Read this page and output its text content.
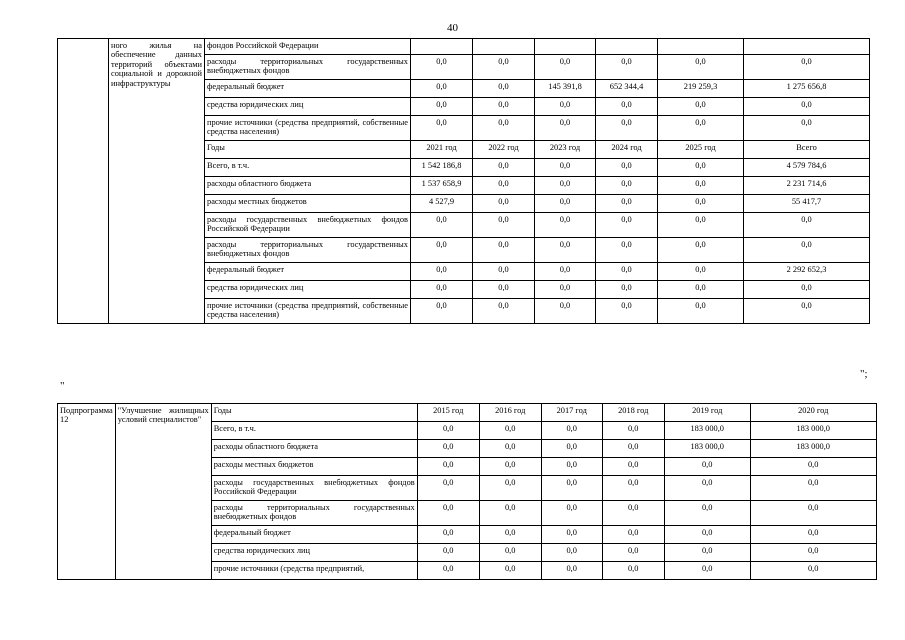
40
	ного жилья на обеспечение данных территорий объектами социальной и дорожной инфраструктуры	фондов Российской Федерации						
		расходы территориальных государственных внебюджетных фондов	0,0	0,0	0,0	0,0	0,0	0,0
		федеральный бюджет	0,0	0,0	145 391,8	652 344,4	219 259,3	1 275 656,8
		средства юридических лиц	0,0	0,0	0,0	0,0	0,0	0,0
		прочие источники (средства предприятий, собственные средства населения)	0,0	0,0	0,0	0,0	0,0	0,0
		Годы	2021 год	2022 год	2023 год	2024 год	2025 год	Всего
		Всего, в т.ч.	1 542 186,8	0,0	0,0	0,0	0,0	4 579 784,6
		расходы областного бюджета	1 537 658,9	0,0	0,0	0,0	0,0	2 231 714,6
		расходы местных бюджетов	4 527,9	0,0	0,0	0,0	0,0	55 417,7
		расходы государственных внебюджетных фондов Российской Федерации	0,0	0,0	0,0	0,0	0,0	0,0
		расходы территориальных государственных внебюджетных фондов	0,0	0,0	0,0	0,0	0,0	0,0
		федеральный бюджет	0,0	0,0	0,0	0,0	0,0	2 292 652,3
		средства юридических лиц	0,0	0,0	0,0	0,0	0,0	0,0
		прочие источники (средства предприятий, собственные средства населения)	0,0	0,0	0,0	0,0	0,0	0,0
";
"
Подпрограмма 12	"Улучшение жилищных условий специалистов"	Годы	2015 год	2016 год	2017 год	2018 год	2019 год	2020 год
		Всего, в т.ч.	0,0	0,0	0,0	0,0	183 000,0	183 000,0
		расходы областного бюджета	0,0	0,0	0,0	0,0	183 000,0	183 000,0
		расходы местных бюджетов	0,0	0,0	0,0	0,0	0,0	0,0
		расходы государственных внебюджетных фондов Российской Федерации	0,0	0,0	0,0	0,0	0,0	0,0
		расходы территориальных государственных внебюджетных фондов	0,0	0,0	0,0	0,0	0,0	0,0
		федеральный бюджет	0,0	0,0	0,0	0,0	0,0	0,0
		средства юридических лиц	0,0	0,0	0,0	0,0	0,0	0,0
		прочие источники (средства предприятий,	0,0	0,0	0,0	0,0	0,0	0,0
